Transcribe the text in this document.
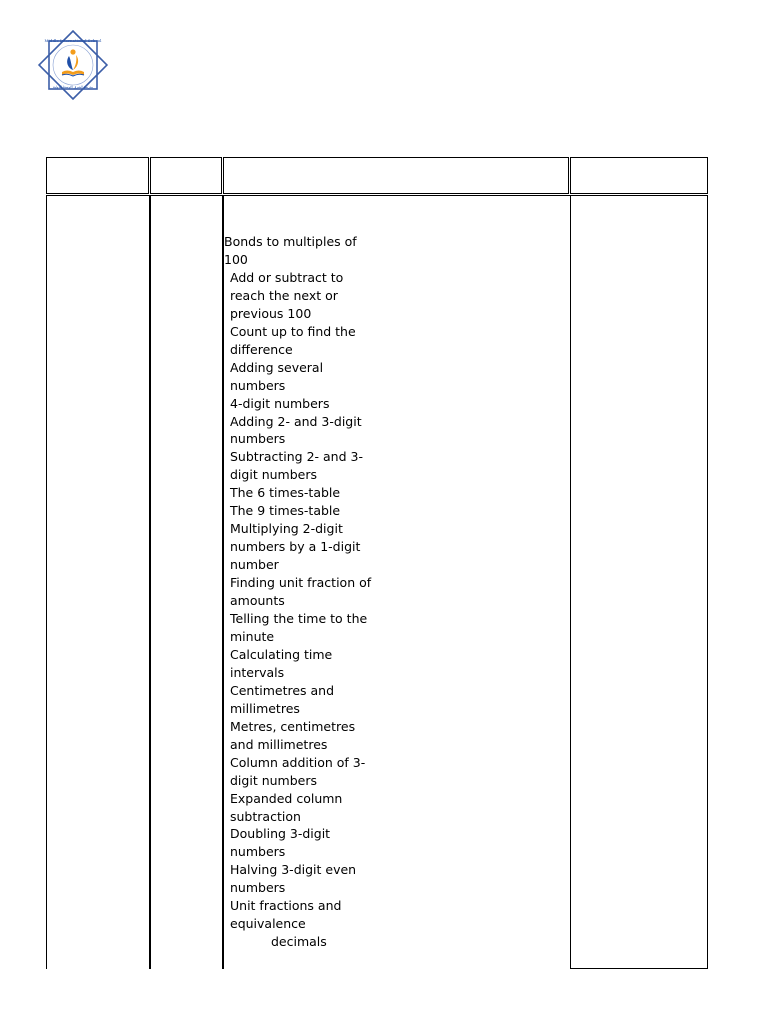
Middle International School
مدرسة الشرق الاوسط الدولية
Bonds to multiples of 100
Add or subtract to reach the next or previous 100
Count up to find the difference
Adding several numbers
4-digit numbers
Adding 2- and 3-digit numbers
Subtracting 2- and 3-digit numbers
The 6 times-table
The 9 times-table
Multiplying 2-digit numbers by a 1-digit number
Finding unit fraction of amounts
Telling the time to the minute
Calculating time intervals
Centimetres and millimetres
Metres, centimetres and millimetres
Column addition of 3-digit numbers
Expanded column subtraction
Doubling 3-digit numbers
Halving 3-digit even numbers
Unit fractions and equivalence
decimals
